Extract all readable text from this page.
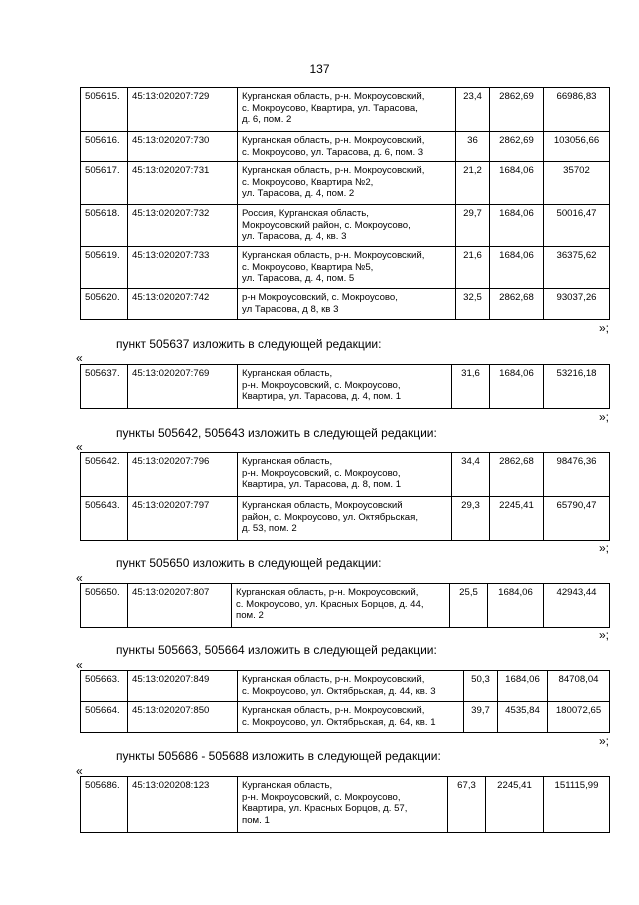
137
505615.	45:13:020207:729	Курганская область, р-н. Мокроусовский,
с. Мокроусово, Квартира, ул. Тарасова,
д. 6, пом. 2	23,4	2862,69	66986,83
505616.	45:13:020207:730	Курганская область, р-н. Мокроусовский,
с. Мокроусово, ул. Тарасова, д. 6, пом. 3	36	2862,69	103056,66
505617.	45:13:020207:731	Курганская область, р-н. Мокроусовский,
с. Мокроусово, Квартира №2,
ул. Тарасова, д. 4, пом. 2	21,2	1684,06	35702
505618.	45:13:020207:732	Россия, Курганская область,
Мокроусовский район, с. Мокроусово,
ул. Тарасова, д. 4, кв. 3	29,7	1684,06	50016,47
505619.	45:13:020207:733	Курганская область, р-н. Мокроусовский,
с. Мокроусово, Квартира №5,
ул. Тарасова, д. 4, пом. 5	21,6	1684,06	36375,62
505620.	45:13:020207:742	р-н Мокроусовский, с. Мокроусово,
ул Тарасова, д 8, кв 3	32,5	2862,68	93037,26
»;
пункт 505637 изложить в следующей редакции:
«
505637.	45:13:020207:769	Курганская область,
р-н. Мокроусовский, с. Мокроусово,
Квартира, ул. Тарасова, д. 4, пом. 1	31,6	1684,06	53216,18
»;
пункты 505642, 505643 изложить в следующей редакции:
«
505642.	45:13:020207:796	Курганская область,
р-н. Мокроусовский, с. Мокроусово,
Квартира, ул. Тарасова, д. 8, пом. 1	34,4	2862,68	98476,36
505643.	45:13:020207:797	Курганская область, Мокроусовский
район, с. Мокроусово, ул. Октябрьская,
д. 53, пом. 2	29,3	2245,41	65790,47
»;
пункт 505650 изложить в следующей редакции:
«
505650.	45:13:020207:807	Курганская область, р-н. Мокроусовский,
с. Мокроусово, ул. Красных Борцов, д. 44,
пом. 2	25,5	1684,06	42943,44
»;
пункты 505663, 505664 изложить в следующей редакции:
«
505663.	45:13:020207:849	Курганская область, р-н. Мокроусовский,
с. Мокроусово, ул. Октябрьская, д. 44, кв. 3	50,3	1684,06	84708,04
505664.	45:13:020207:850	Курганская область, р-н. Мокроусовский,
с. Мокроусово, ул. Октябрьская, д. 64, кв. 1	39,7	4535,84	180072,65
»;
пункты 505686 - 505688 изложить в следующей редакции:
«
505686.	45:13:020208:123	Курганская область,
р-н. Мокроусовский, с. Мокроусово,
Квартира, ул. Красных Борцов, д. 57,
пом. 1	67,3	2245,41	151115,99
